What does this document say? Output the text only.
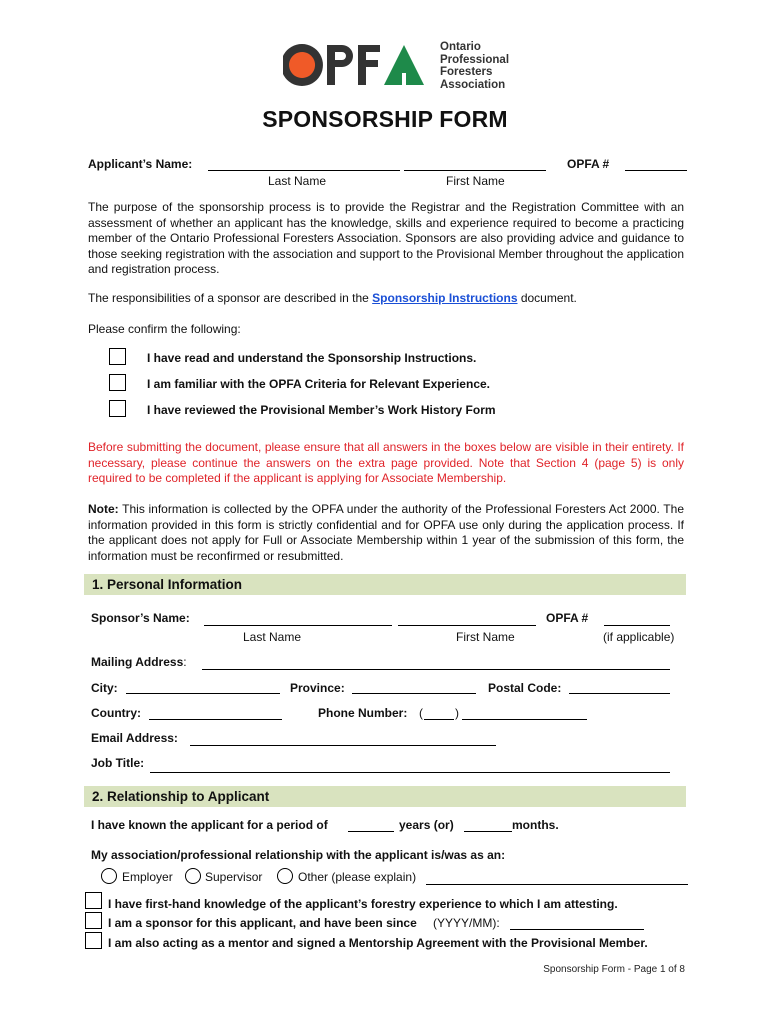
Ontario
Professional
Foresters
Association
SPONSORSHIP FORM
Applicant’s Name:	OPFA #
Last Name	First Name
The purpose of the sponsorship process is to provide the Registrar and the Registration Committee with an assessment of whether an applicant has the knowledge, skills and experience required to become a practicing member of the Ontario Professional Foresters Association. Sponsors are also providing advice and guidance to those seeking registration with the association and support to the Provisional Member throughout the application and registration process.
The responsibilities of a sponsor are described in the Sponsorship Instructions document.
Please confirm the following:
I have read and understand the Sponsorship Instructions.
I am familiar with the OPFA Criteria for Relevant Experience.
I have reviewed the Provisional Member’s Work History Form
Before submitting the document, please ensure that all answers in the boxes below are visible in their entirety. If necessary, please continue the answers on the extra page provided. Note that Section 4 (page 5) is only required to be completed if the applicant is applying for Associate Membership.
Note: This information is collected by the OPFA under the authority of the Professional Foresters Act 2000. The information provided in this form is strictly confidential and for OPFA use only during the application process. If the applicant does not apply for Full or Associate Membership within 1 year of the submission of this form, the information must be reconfirmed or resubmitted.
1. Personal Information
Sponsor’s Name:	OPFA #
Last Name	First Name	(if applicable)
Mailing Address:
City:	Province:	Postal Code:
Country:	Phone Number: (	)
Email Address:
Job Title:
2. Relationship to Applicant
I have known the applicant for a period of	years (or)	months.
My association/professional relationship with the applicant is/was as an:
Employer	Supervisor	Other (please explain)
I have first-hand knowledge of the applicant’s forestry experience to which I am attesting.
I am a sponsor for this applicant, and have been since (YYYY/MM):
I am also acting as a mentor and signed a Mentorship Agreement with the Provisional Member.
Sponsorship Form - Page 1 of 8
